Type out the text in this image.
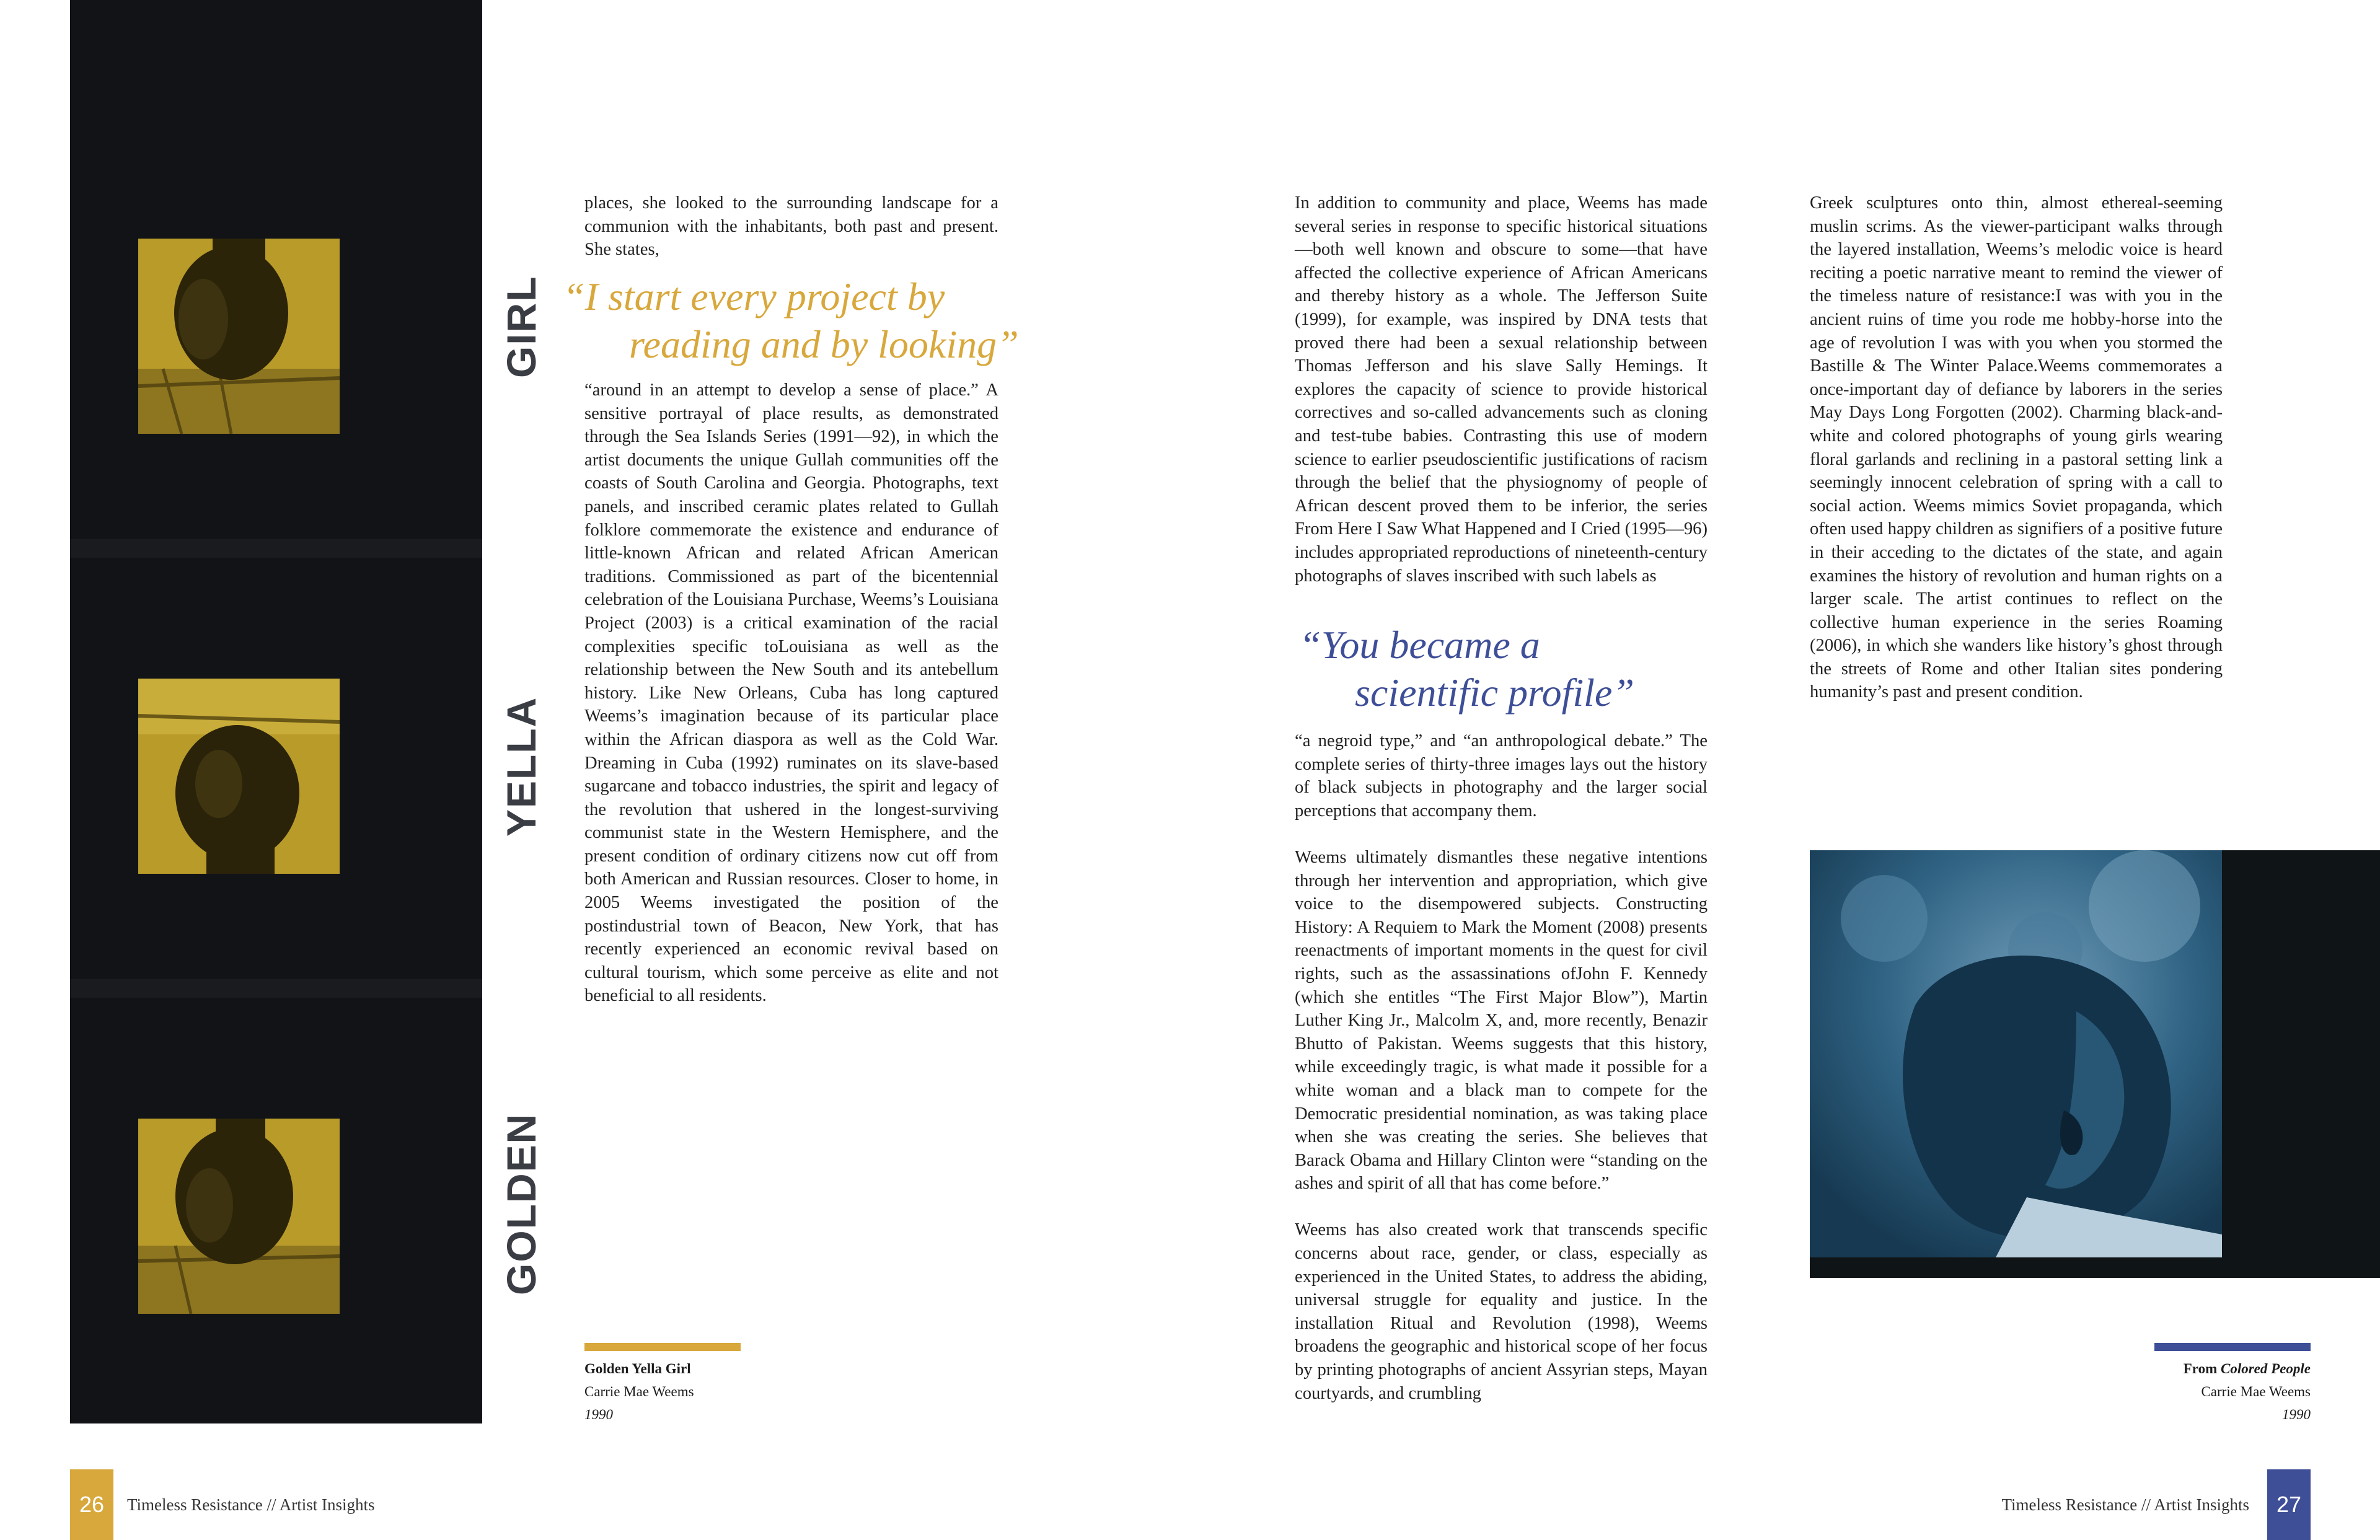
GIRL
YELLA
GOLDEN

places, she looked to the surrounding landscape for a communion with the inhabitants, both past and present. She states,

“I start every project by
reading and by looking”

“around in an attempt to develop a sense of place.” A sensitive portrayal of place results, as demonstrated through the Sea Islands Series (1991—92), in which the artist documents the unique Gullah communities off the coasts of South Carolina and Georgia. Photographs, text panels, and inscribed ceramic plates related to Gullah folklore commemorate the existence and endurance of little-known African and related African American traditions. Commissioned as part of the bicentennial celebration of the Louisiana Purchase, Weems’s Louisiana Project (2003) is a critical examination of the racial complexities specific toLouisiana as well as the relationship between the New South and its antebellum history. Like New Orleans, Cuba has long captured Weems’s imagination because of its particular place within the African diaspora as well as the Cold War. Dreaming in Cuba (1992) ruminates on its slave-based sugarcane and tobacco industries, the spirit and legacy of the revolution that ushered in the longest-surviving communist state in the Western Hemisphere, and the present condition of ordinary citizens now cut off from both American and Russian resources. Closer to home, in 2005 Weems investigated the position of the postindustrial town of Beacon, New York, that has recently experienced an economic revival based on cultural tourism, which some perceive as elite and not beneficial to all residents.

Golden Yella Girl
Carrie Mae Weems
1990
26	Timeless Resistance // Artist Insights

In addition to community and place, Weems has made several series in response to specific historical situations—both well known and obscure to some—that have affected the collective experience of African Americans and thereby history as a whole. The Jefferson Suite (1999), for example, was inspired by DNA tests that proved there had been a sexual relationship between Thomas Jefferson and his slave Sally Hemings. It explores the capacity of science to provide historical correctives and so-called advancements such as cloning and test-tube babies. Contrasting this use of modern science to earlier pseudoscientific justifications of racism through the belief that the physiognomy of people of African descent proved them to be inferior, the series From Here I Saw What Happened and I Cried (1995—96) includes appropriated reproductions of nineteenth-century photographs of slaves inscribed with such labels as

“You became a
scientific profile”

“a negroid type,” and “an anthropological debate.” The complete series of thirty-three images lays out the history of black subjects in photography and the larger social perceptions that accompany them.

Weems ultimately dismantles these negative intentions through her intervention and appropriation, which give voice to the disempowered subjects. Constructing History: A Requiem to Mark the Moment (2008) presents reenactments of important moments in the quest for civil rights, such as the assassinations ofJohn F. Kennedy (which she entitles “The First Major Blow”), Martin Luther King Jr., Malcolm X, and, more recently, Benazir Bhutto of Pakistan. Weems suggests that this history, while exceedingly tragic, is what made it possible for a white woman and a black man to compete for the Democratic presidential nomination, as was taking place when she was creating the series. She believes that Barack Obama and Hillary Clinton were “standing on the ashes and spirit of all that has come before.”

Weems has also created work that transcends specific concerns about race, gender, or class, especially as experienced in the United States, to address the abiding, universal struggle for equality and justice. In the installation Ritual and Revolution (1998), Weems broadens the geographic and historical scope of her focus by printing photographs of ancient Assyrian steps, Mayan courtyards, and crumbling

Greek sculptures onto thin, almost ethereal-seeming muslin scrims. As the viewer-participant walks through the layered installation, Weems’s melodic voice is heard reciting a poetic narrative meant to remind the viewer of the timeless nature of resistance:I was with you in the ancient ruins of time you rode me hobby-horse into the age of revolution I was with you when you stormed the Bastille & The Winter Palace.Weems commemorates a once-important day of defiance by laborers in the series May Days Long Forgotten (2002). Charming black-and-white and colored photographs of young girls wearing floral garlands and reclining in a pastoral setting link a seemingly innocent celebration of spring with a call to social action. Weems mimics Soviet propaganda, which often used happy children as signifiers of a positive future in their acceding to the dictates of the state, and again examines the history of revolution and human rights on a larger scale. The artist continues to reflect on the collective human experience in the series Roaming (2006), in which she wanders like history’s ghost through the streets of Rome and other Italian sites pondering humanity’s past and present condition.

From Colored People
Carrie Mae Weems
1990
Timeless Resistance // Artist Insights	27
